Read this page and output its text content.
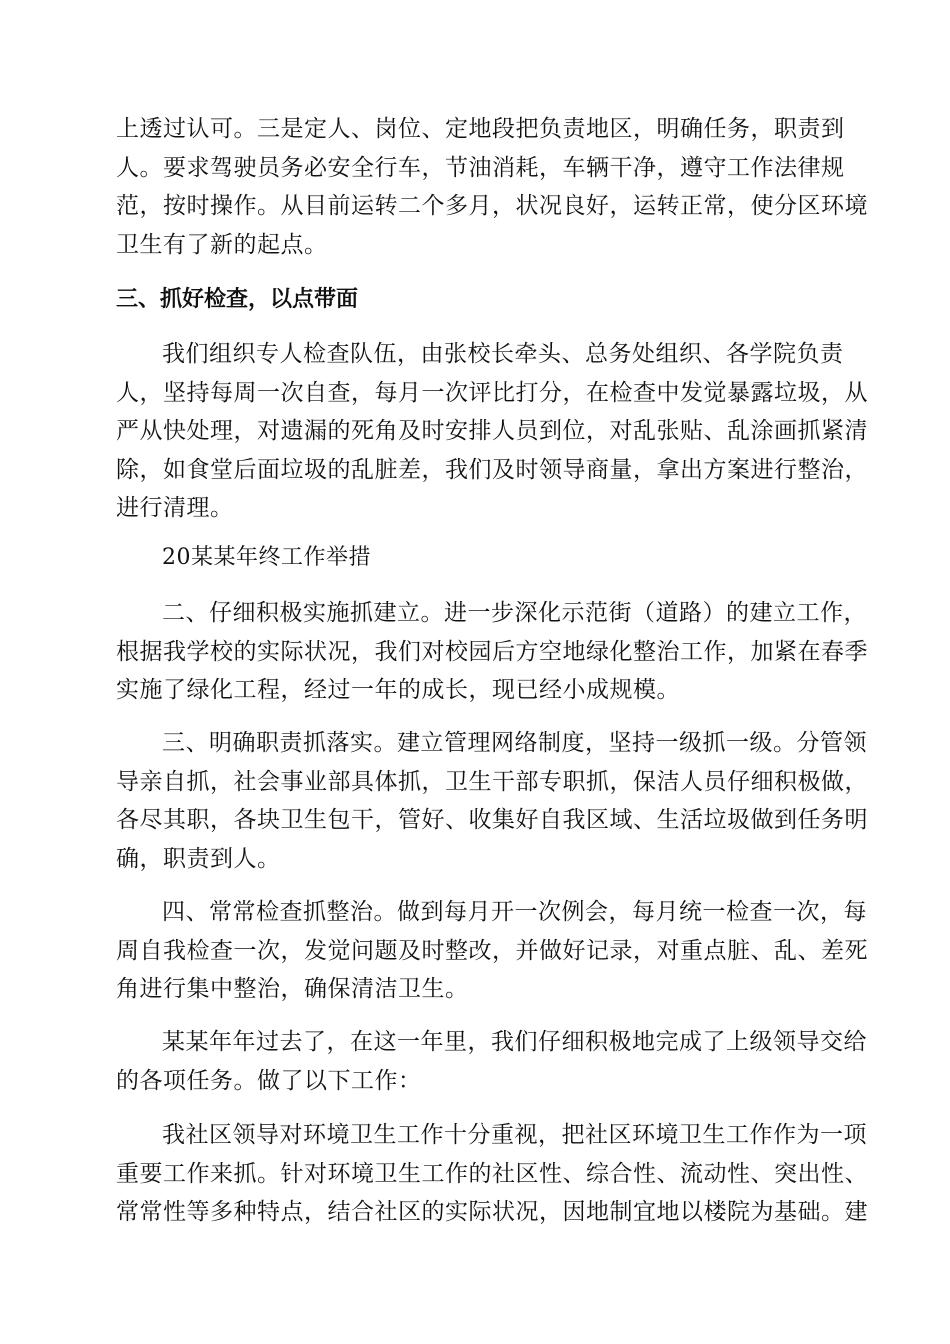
上透过认可。三是定人、岗位、定地段把负责地区，明确任务，职责到
人。要求驾驶员务必安全行车，节油消耗，车辆干净，遵守工作法律规
范，按时操作。从目前运转二个多月，状况良好，运转正常，使分区环境
卫生有了新的起点。
三、抓好检查，以点带面
我们组织专人检查队伍，由张校长牵头、总务处组织、各学院负责
人，坚持每周一次自查，每月一次评比打分，在检查中发觉暴露垃圾，从
严从快处理，对遗漏的死角及时安排人员到位，对乱张贴、乱涂画抓紧清
除，如食堂后面垃圾的乱脏差，我们及时领导商量，拿出方案进行整治，
进行清理。

20某某年终工作举措

二、仔细积极实施抓建立。进一步深化示范街（道路）的建立工作，
根据我学校的实际状况，我们对校园后方空地绿化整治工作，加紧在春季
实施了绿化工程，经过一年的成长，现已经小成规模。
三、明确职责抓落实。建立管理网络制度，坚持一级抓一级。分管领
导亲自抓，社会事业部具体抓，卫生干部专职抓，保洁人员仔细积极做，
各尽其职，各块卫生包干，管好、收集好自我区域、生活垃圾做到任务明
确，职责到人。
四、常常检查抓整治。做到每月开一次例会，每月统一检查一次，每
周自我检查一次，发觉问题及时整改，并做好记录，对重点脏、乱、差死
角进行集中整治，确保清洁卫生。
某某年年过去了，在这一年里，我们仔细积极地完成了上级领导交给
的各项任务。做了以下工作：
我社区领导对环境卫生工作十分重视，把社区环境卫生工作作为一项
重要工作来抓。针对环境卫生工作的社区性、综合性、流动性、突出性、
常常性等多种特点，结合社区的实际状况，因地制宜地以楼院为基础。建
